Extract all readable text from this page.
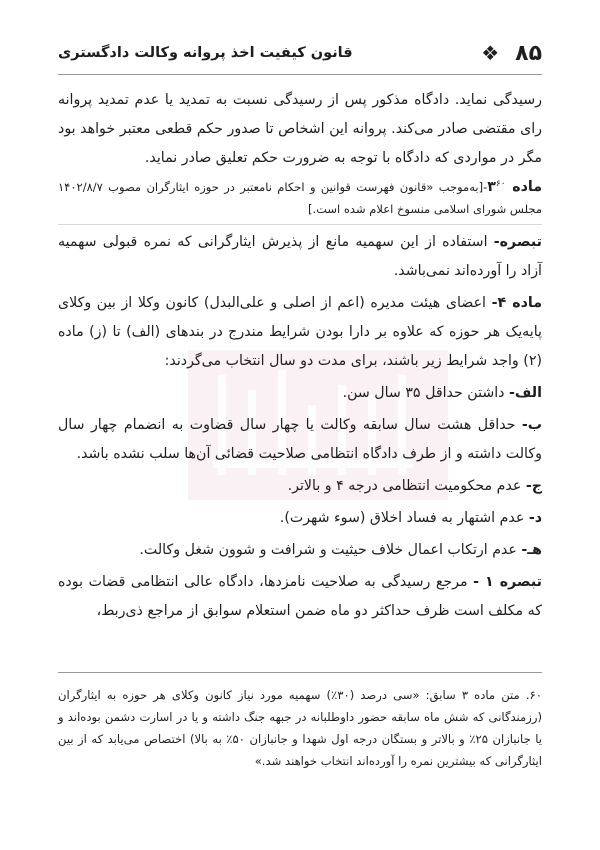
۸۵
❖
قانون کیفیت اخذ پروانه وکالت دادگستری

رسیدگی نماید. دادگاه مذکور پس از رسیدگی نسبت به تمدید یا عدم تمدید پروانه رای مقتضی صادر می‌کند. پروانه این اشخاص تا صدور حکم قطعی معتبر خواهد بود مگر در مواردی که دادگاه با توجه به ضرورت حکم تعلیق صادر نماید.

ماده $۳^{۶۰}-[به‌موجب$ «قانون فهرست قوانین و احکام نامعتبر در حوزه ایثارگران مصوب ۱۴۰۲/۸/۷ مجلس شورای اسلامی منسوخ اعلام شده است.]

تبصره- استفاده از این سهمیه مانع از پذیرش ایثارگرانی که نمره قبولی سهمیه آزاد را آورده‌اند نمی‌باشد.

ماده ۴- اعضای هیئت مدیره (اعم از اصلی و علی‌البدل) کانون وکلا از بین وکلای پایه‌یک هر حوزه که علاوه بر دارا بودن شرایط مندرج در بندهای (الف) تا (ز) ماده (۲) واجد شرایط زیر باشند، برای مدت دو سال انتخاب می‌گردند:

الف- داشتن حداقل ۳۵ سال سن.

ب- حداقل هشت سال سابقه وکالت یا چهار سال قضاوت به انضمام چهار سال وکالت داشته و از طرف دادگاه انتظامی صلاحیت قضائی آن‌ها سلب نشده باشد.

ج- عدم محکومیت انتظامی درجه ۴ و بالاتر.

د- عدم اشتهار به فساد اخلاق (سوء شهرت).

هـ- عدم ارتکاب اعمال خلاف حیثیت و شرافت و شوون شغل وکالت.

تبصره ۱ - مرجع رسیدگی به صلاحیت نامزدها، دادگاه عالی انتظامی قضات بوده که مکلف است ظرف حداکثر دو ماه ضمن استعلام سوابق از مراجع ذی‌ربط،

۶۰. متن ماده ۳ سابق: «سی درصد (۳۰٪) سهمیه مورد نیاز کانون وکلای هر حوزه به ایثارگران (رزمندگانی که شش ماه سابقه حضور داوطلبانه در جبهه جنگ داشته و یا در اسارت دشمن بوده‌اند و یا جانبازان ۲۵٪ و بالاتر و بستگان درجه اول شهدا و جانبازان ۵۰٪ به بالا) اختصاص می‌یابد که از بین ایثارگرانی که بیشترین نمره را آورده‌اند انتخاب خواهند شد.»
